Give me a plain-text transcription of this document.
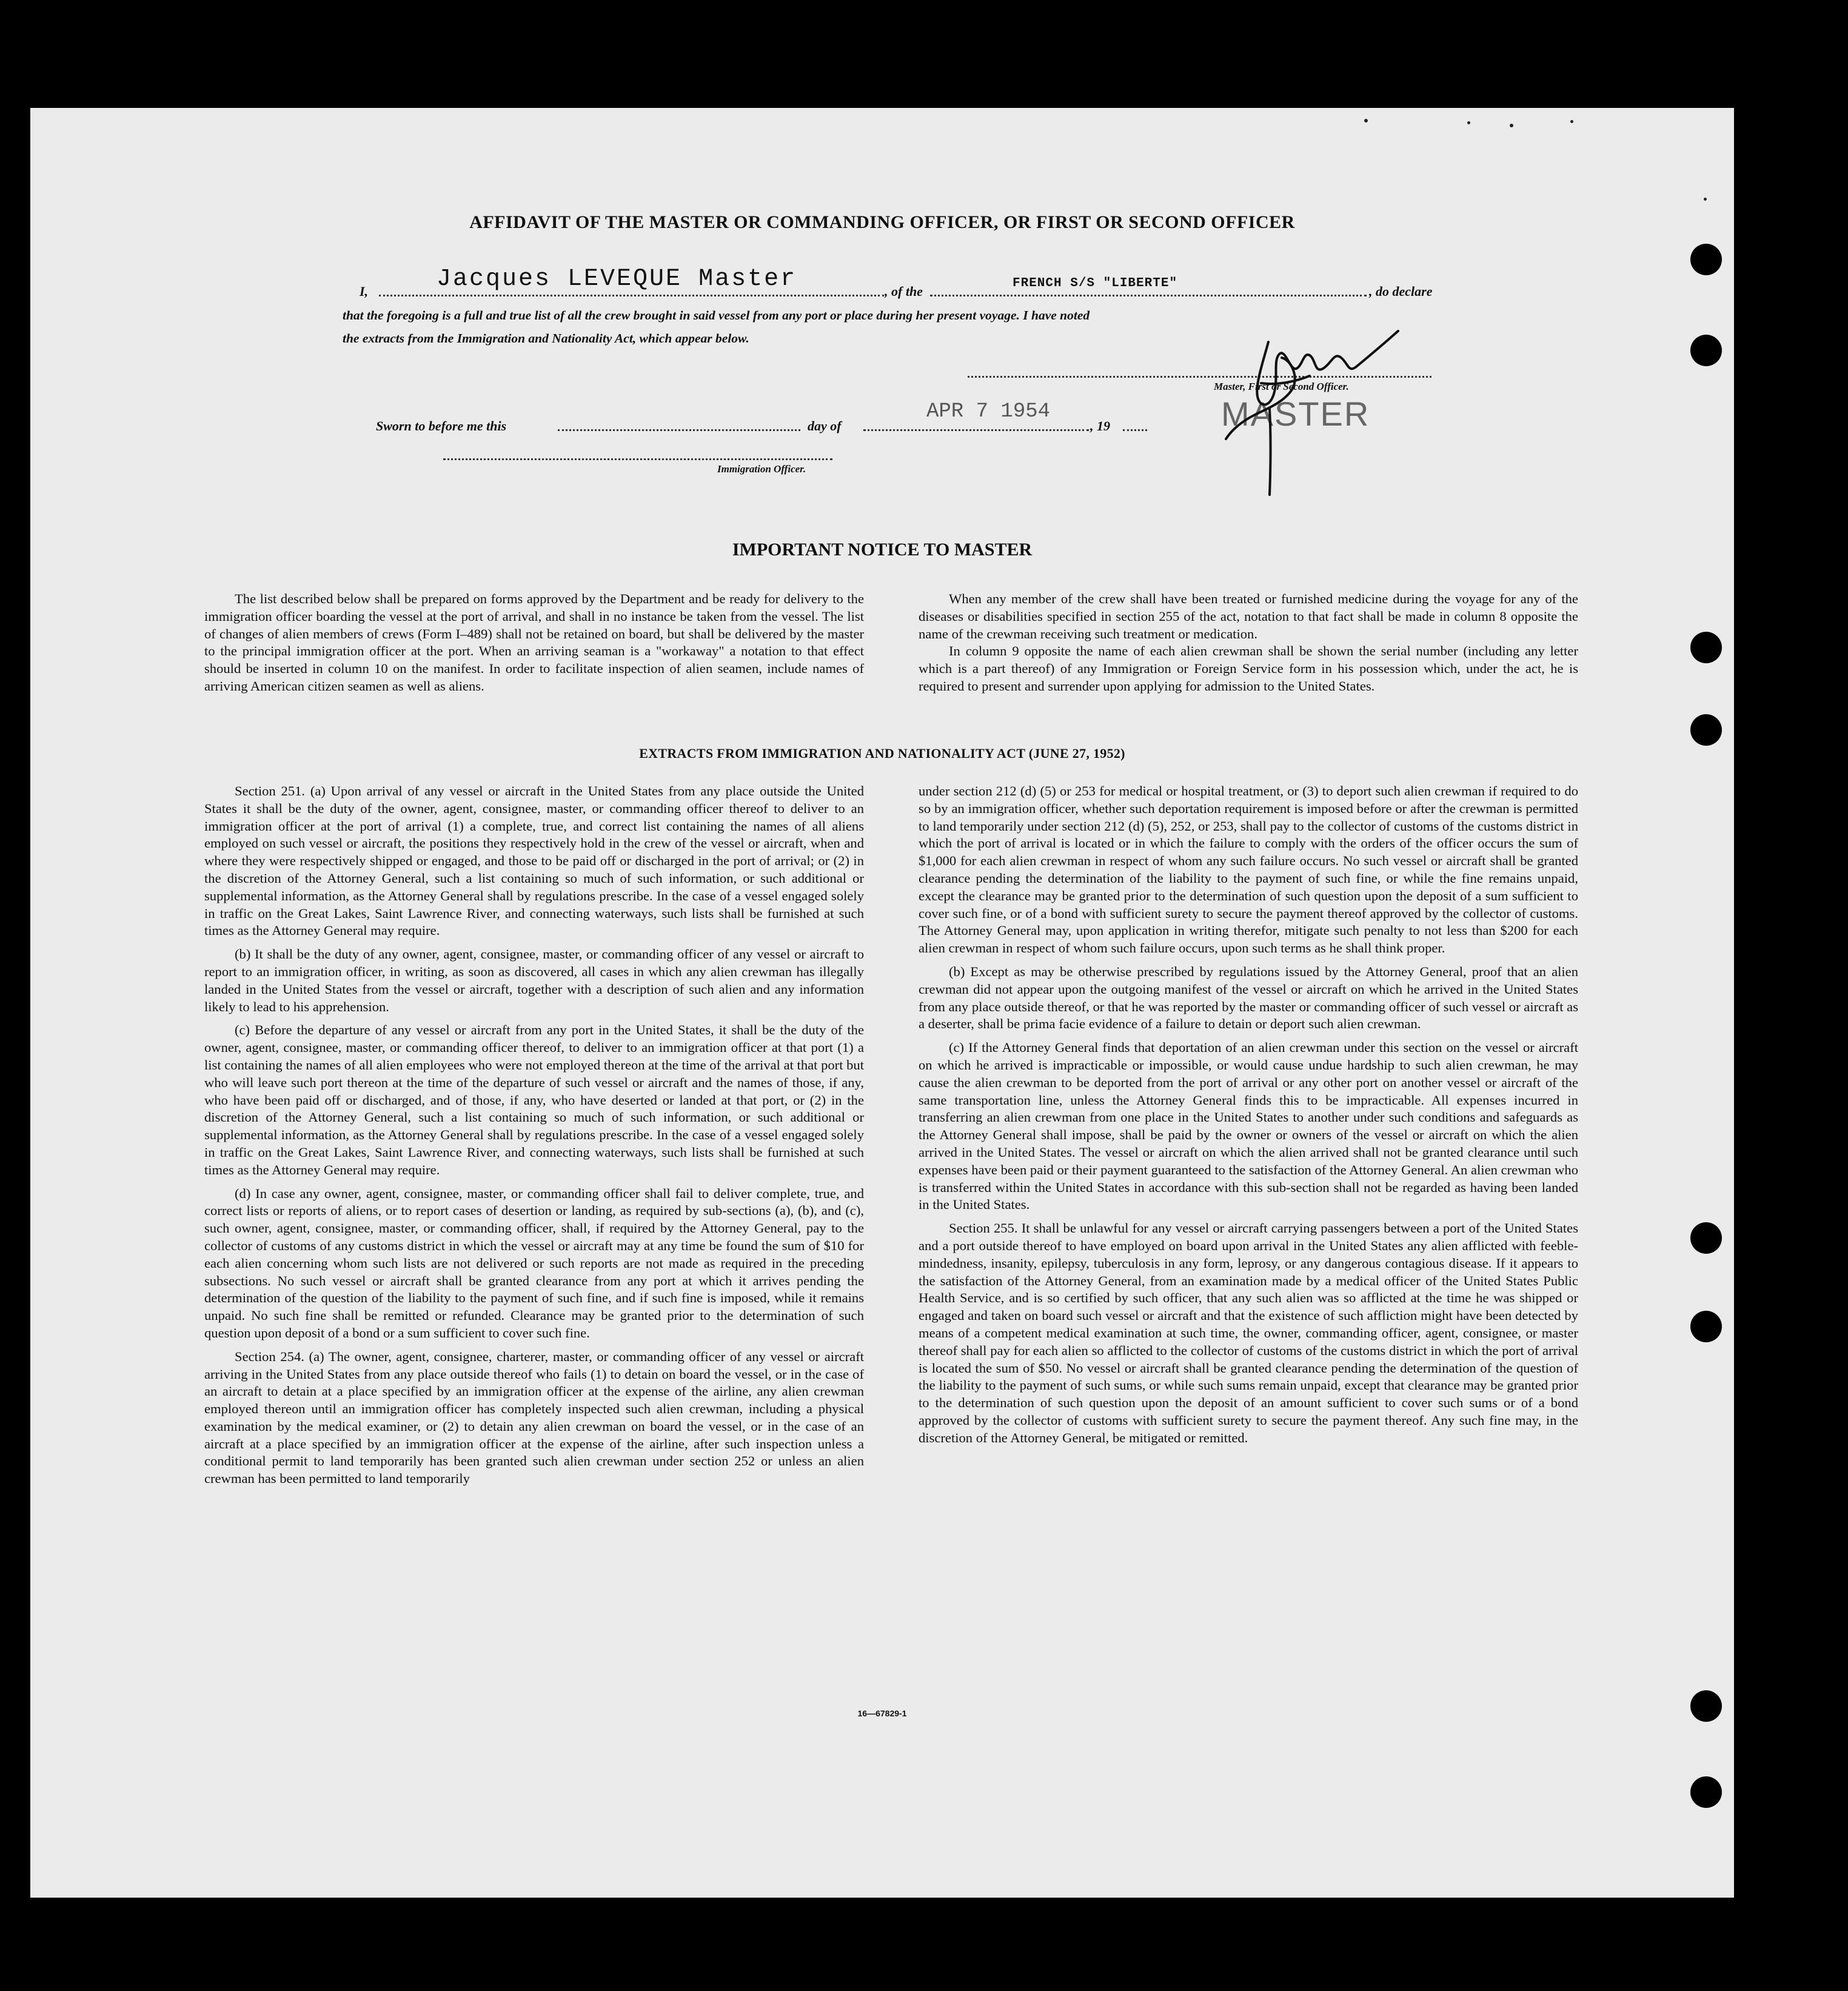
AFFIDAVIT OF THE MASTER OR COMMANDING OFFICER, OR FIRST OR SECOND OFFICER
I,	Jacques LEVEQUE Master	, of the
FRENCH S/S "LIBERTE"
, do declare
that the foregoing is a full and true list of all the crew brought in said vessel from any port or place during her present voyage. I have noted
the extracts from the Immigration and Nationality Act, which appear below.
Master, First or Second Officer.
MASTER
Sworn to before me this	day of
APR 7 1954
, 19
Immigration Officer.
IMPORTANT NOTICE TO MASTER

The list described below shall be prepared on forms approved by the Department and be ready for delivery to the immigration officer boarding the vessel at the port of arrival, and shall in no instance be taken from the vessel. The list of changes of alien members of crews (Form I–489) shall not be retained on board, but shall be delivered by the master to the principal immigration officer at the port. When an arriving seaman is a "workaway" a notation to that effect should be inserted in column 10 on the manifest. In order to facilitate inspection of alien seamen, include names of arriving American citizen seamen as well as aliens.

When any member of the crew shall have been treated or furnished medicine during the voyage for any of the diseases or disabilities specified in section 255 of the act, notation to that fact shall be made in column 8 opposite the name of the crewman receiving such treatment or medication.

In column 9 opposite the name of each alien crewman shall be shown the serial number (including any letter which is a part thereof) of any Immigration or Foreign Service form in his possession which, under the act, he is required to present and surrender upon applying for admission to the United States.

EXTRACTS FROM IMMIGRATION AND NATIONALITY ACT (JUNE 27, 1952)

Section 251. (a) Upon arrival of any vessel or aircraft in the United States from any place outside the United States it shall be the duty of the owner, agent, consignee, master, or commanding officer thereof to deliver to an immigration officer at the port of arrival (1) a complete, true, and correct list containing the names of all aliens employed on such vessel or aircraft, the positions they respectively hold in the crew of the vessel or aircraft, when and where they were respectively shipped or engaged, and those to be paid off or discharged in the port of arrival; or (2) in the discretion of the Attorney General, such a list containing so much of such information, or such additional or supplemental information, as the Attorney General shall by regulations prescribe. In the case of a vessel engaged solely in traffic on the Great Lakes, Saint Lawrence River, and connecting waterways, such lists shall be furnished at such times as the Attorney General may require.

(b) It shall be the duty of any owner, agent, consignee, master, or commanding officer of any vessel or aircraft to report to an immigration officer, in writing, as soon as discovered, all cases in which any alien crewman has illegally landed in the United States from the vessel or aircraft, together with a description of such alien and any information likely to lead to his apprehension.

(c) Before the departure of any vessel or aircraft from any port in the United States, it shall be the duty of the owner, agent, consignee, master, or commanding officer thereof, to deliver to an immigration officer at that port (1) a list containing the names of all alien employees who were not employed thereon at the time of the arrival at that port but who will leave such port thereon at the time of the departure of such vessel or aircraft and the names of those, if any, who have been paid off or discharged, and of those, if any, who have deserted or landed at that port, or (2) in the discretion of the Attorney General, such a list containing so much of such information, or such additional or supplemental information, as the Attorney General shall by regulations prescribe. In the case of a vessel engaged solely in traffic on the Great Lakes, Saint Lawrence River, and connecting waterways, such lists shall be furnished at such times as the Attorney General may require.

(d) In case any owner, agent, consignee, master, or commanding officer shall fail to deliver complete, true, and correct lists or reports of aliens, or to report cases of desertion or landing, as required by sub-sections (a), (b), and (c), such owner, agent, consignee, master, or commanding officer, shall, if required by the Attorney General, pay to the collector of customs of any customs district in which the vessel or aircraft may at any time be found the sum of $10 for each alien concerning whom such lists are not delivered or such reports are not made as required in the preceding subsections. No such vessel or aircraft shall be granted clearance from any port at which it arrives pending the determination of the question of the liability to the payment of such fine, and if such fine is imposed, while it remains unpaid. No such fine shall be remitted or refunded. Clearance may be granted prior to the determination of such question upon deposit of a bond or a sum sufficient to cover such fine.

Section 254. (a) The owner, agent, consignee, charterer, master, or commanding officer of any vessel or aircraft arriving in the United States from any place outside thereof who fails (1) to detain on board the vessel, or in the case of an aircraft to detain at a place specified by an immigration officer at the expense of the airline, any alien crewman employed thereon until an immigration officer has completely inspected such alien crewman, including a physical examination by the medical examiner, or (2) to detain any alien crewman on board the vessel, or in the case of an aircraft at a place specified by an immigration officer at the expense of the airline, after such inspection unless a conditional permit to land temporarily has been granted such alien crewman under section 252 or unless an alien crewman has been permitted to land temporarily

under section 212 (d) (5) or 253 for medical or hospital treatment, or (3) to deport such alien crewman if required to do so by an immigration officer, whether such deportation requirement is imposed before or after the crewman is permitted to land temporarily under section 212 (d) (5), 252, or 253, shall pay to the collector of customs of the customs district in which the port of arrival is located or in which the failure to comply with the orders of the officer occurs the sum of $1,000 for each alien crewman in respect of whom any such failure occurs. No such vessel or aircraft shall be granted clearance pending the determination of the liability to the payment of such fine, or while the fine remains unpaid, except the clearance may be granted prior to the determination of such question upon the deposit of a sum sufficient to cover such fine, or of a bond with sufficient surety to secure the payment thereof approved by the collector of customs. The Attorney General may, upon application in writing therefor, mitigate such penalty to not less than $200 for each alien crewman in respect of whom such failure occurs, upon such terms as he shall think proper.

(b) Except as may be otherwise prescribed by regulations issued by the Attorney General, proof that an alien crewman did not appear upon the outgoing manifest of the vessel or aircraft on which he arrived in the United States from any place outside thereof, or that he was reported by the master or commanding officer of such vessel or aircraft as a deserter, shall be prima facie evidence of a failure to detain or deport such alien crewman.

(c) If the Attorney General finds that deportation of an alien crewman under this section on the vessel or aircraft on which he arrived is impracticable or impossible, or would cause undue hardship to such alien crewman, he may cause the alien crewman to be deported from the port of arrival or any other port on another vessel or aircraft of the same transportation line, unless the Attorney General finds this to be impracticable. All expenses incurred in transferring an alien crewman from one place in the United States to another under such conditions and safeguards as the Attorney General shall impose, shall be paid by the owner or owners of the vessel or aircraft on which the alien arrived in the United States. The vessel or aircraft on which the alien arrived shall not be granted clearance until such expenses have been paid or their payment guaranteed to the satisfaction of the Attorney General. An alien crewman who is transferred within the United States in accordance with this sub-section shall not be regarded as having been landed in the United States.

Section 255. It shall be unlawful for any vessel or aircraft carrying passengers between a port of the United States and a port outside thereof to have employed on board upon arrival in the United States any alien afflicted with feeble-mindedness, insanity, epilepsy, tuberculosis in any form, leprosy, or any dangerous contagious disease. If it appears to the satisfaction of the Attorney General, from an examination made by a medical officer of the United States Public Health Service, and is so certified by such officer, that any such alien was so afflicted at the time he was shipped or engaged and taken on board such vessel or aircraft and that the existence of such affliction might have been detected by means of a competent medical examination at such time, the owner, commanding officer, agent, consignee, or master thereof shall pay for each alien so afflicted to the collector of customs of the customs district in which the port of arrival is located the sum of $50. No vessel or aircraft shall be granted clearance pending the determination of the question of the liability to the payment of such sums, or while such sums remain unpaid, except that clearance may be granted prior to the determination of such question upon the deposit of an amount sufficient to cover such sums or of a bond approved by the collector of customs with sufficient surety to secure the payment thereof. Any such fine may, in the discretion of the Attorney General, be mitigated or remitted.

16—67829-1
